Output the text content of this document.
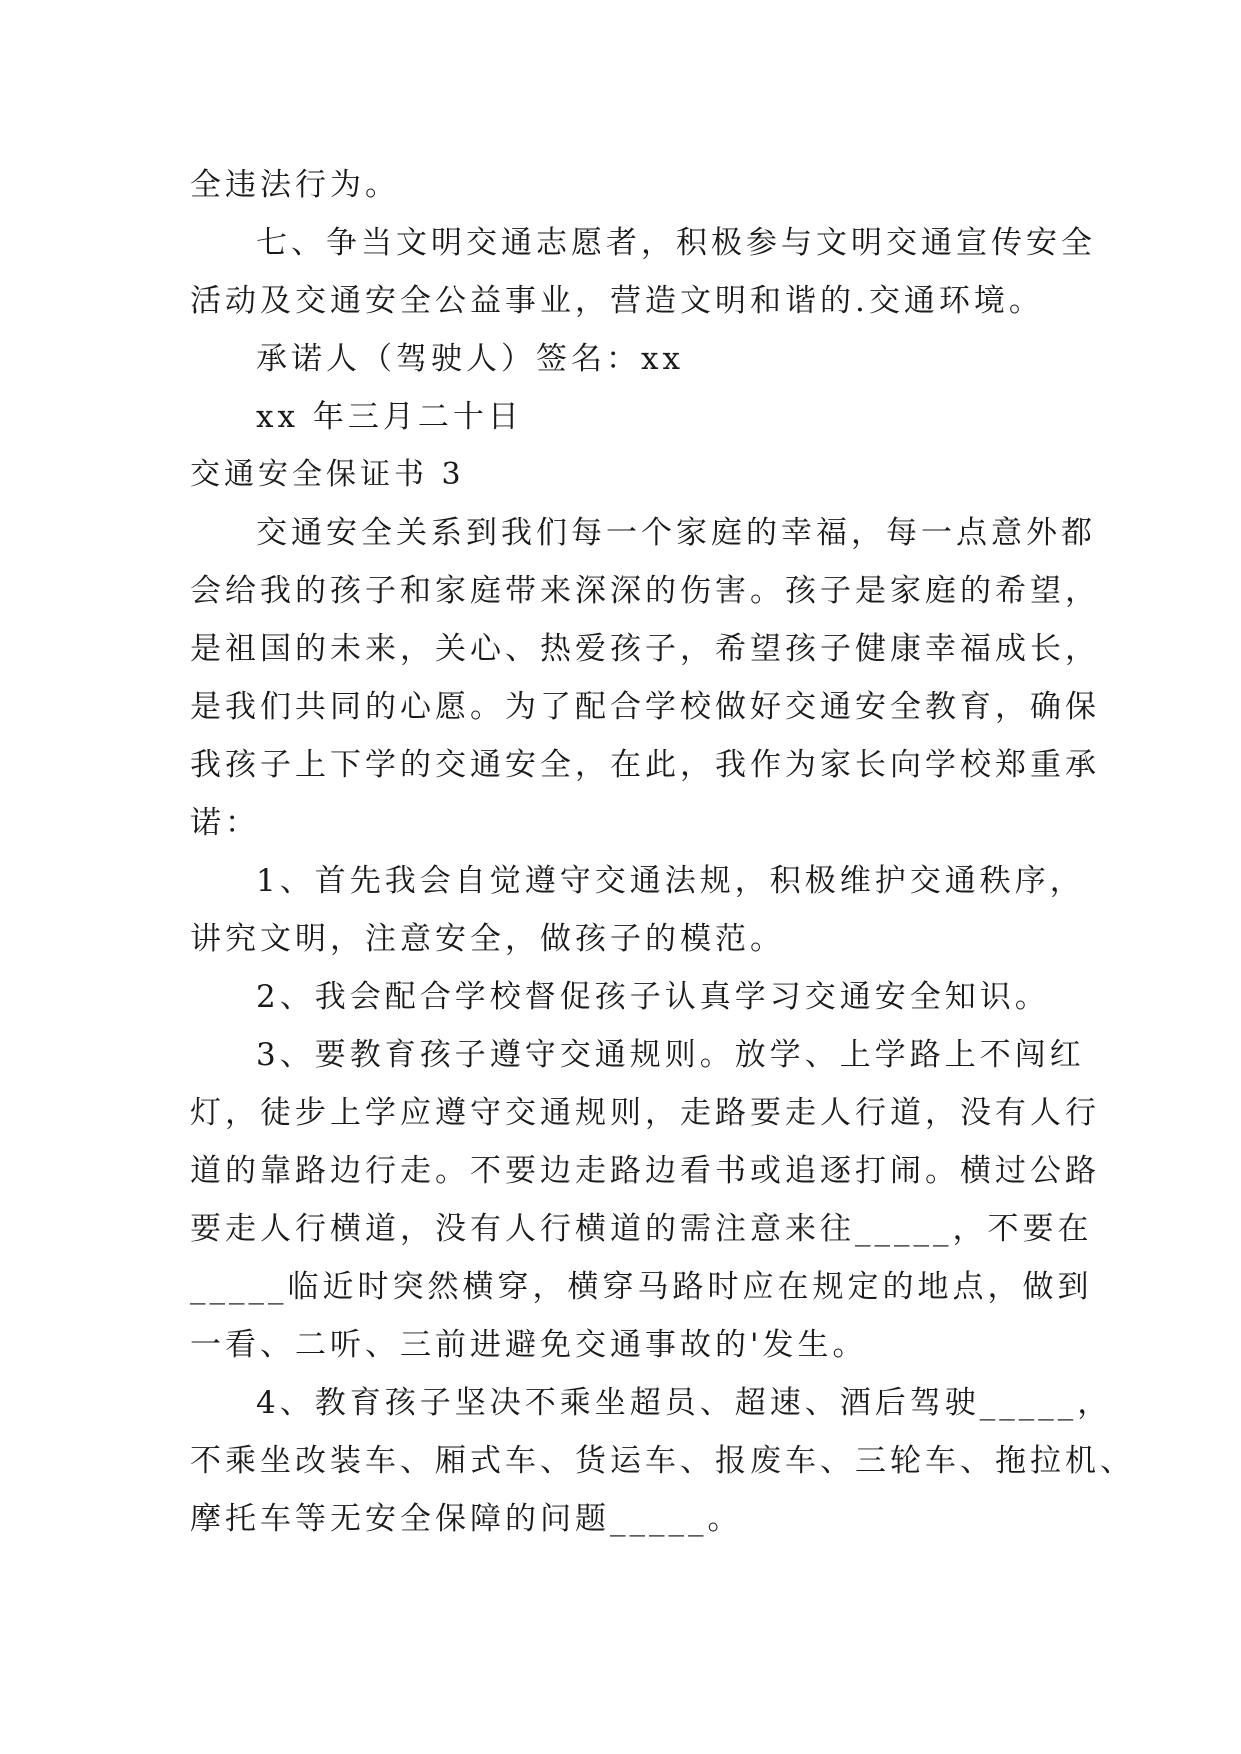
全违法行为。
七、争当文明交通志愿者，积极参与文明交通宣传安全
活动及交通安全公益事业，营造文明和谐的.交通环境。
承诺人（驾驶人）签名：xx
xx 年三月二十日
交通安全保证书 3
交通安全关系到我们每一个家庭的幸福，每一点意外都
会给我的孩子和家庭带来深深的伤害。孩子是家庭的希望，
是祖国的未来，关心、热爱孩子，希望孩子健康幸福成长，
是我们共同的心愿。为了配合学校做好交通安全教育，确保
我孩子上下学的交通安全，在此，我作为家长向学校郑重承
诺：
1、首先我会自觉遵守交通法规，积极维护交通秩序，
讲究文明，注意安全，做孩子的模范。
2、我会配合学校督促孩子认真学习交通安全知识。
3、要教育孩子遵守交通规则。放学、上学路上不闯红
灯，徒步上学应遵守交通规则，走路要走人行道，没有人行
道的靠路边行走。不要边走路边看书或追逐打闹。横过公路
要走人行横道，没有人行横道的需注意来往_____，不要在
_____临近时突然横穿，横穿马路时应在规定的地点，做到
一看、二听、三前进避免交通事故的'发生。
4、教育孩子坚决不乘坐超员、超速、酒后驾驶_____，
不乘坐改装车、厢式车、货运车、报废车、三轮车、拖拉机、
摩托车等无安全保障的问题_____。
